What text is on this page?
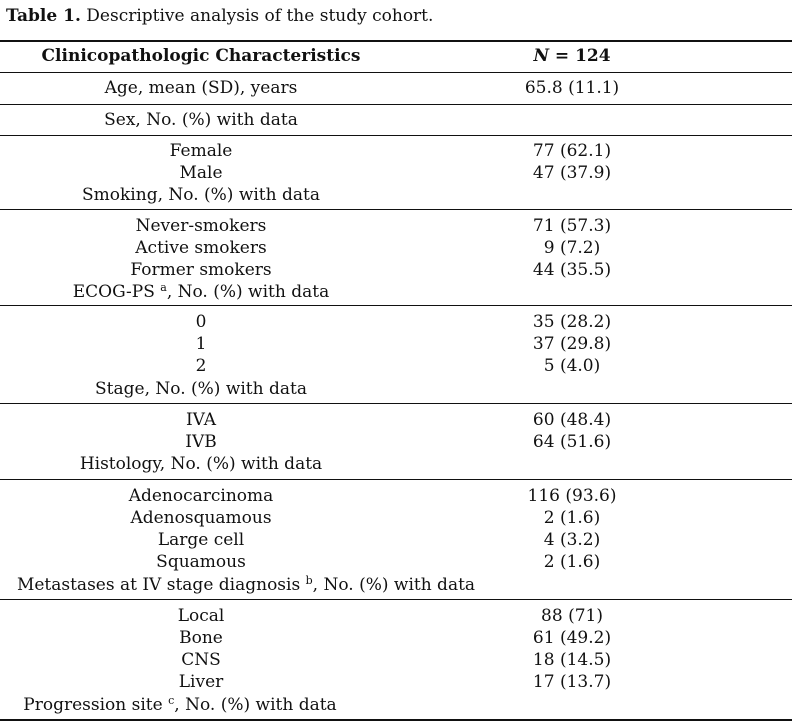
Table 1. Descriptive analysis of the study cohort.
Clinicopathologic Characteristics	N = 124
Age, mean (SD), years	65.8 (11.1)
Sex, No. (%) with data
Female	77 (62.1)
Male	47 (37.9)
Smoking, No. (%) with data
Never-smokers	71 (57.3)
Active smokers	9 (7.2)
Former smokers	44 (35.5)
ECOG-PS $^a$, No. (%) with data
0	35 (28.2)
1	37 (29.8)
2	5 (4.0)
Stage, No. (%) with data
IVA	60 (48.4)
IVB	64 (51.6)
Histology, No. (%) with data
Adenocarcinoma	116 (93.6)
Adenosquamous	2 (1.6)
Large cell	4 (3.2)
Squamous	2 (1.6)
Metastases at IV stage diagnosis $^b$, No. (%) with data
Local	88 (71)
Bone	61 (49.2)
CNS	18 (14.5)
Liver	17 (13.7)
Progression site $^c$, No. (%) with data
